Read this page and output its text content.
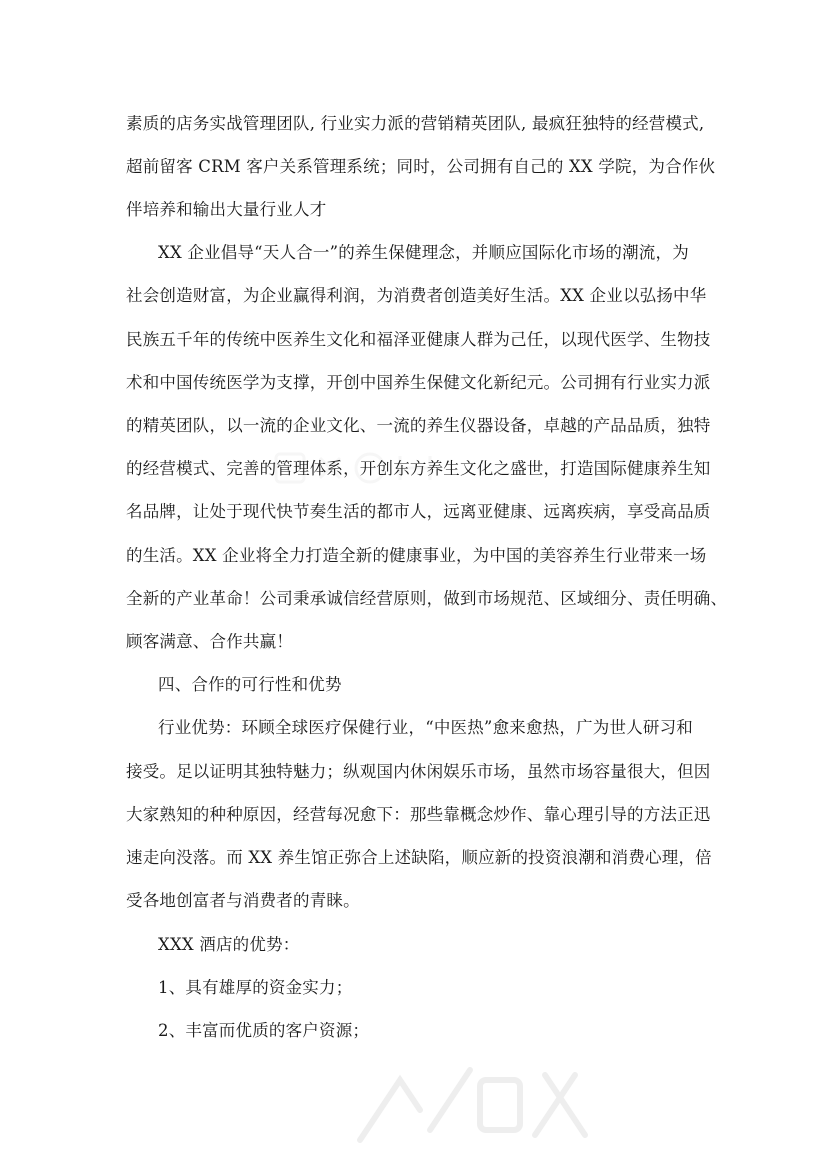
素质的店务实战管理团队, 行业实力派的营销精英团队, 最疯狂独特的经营模式,
超前留客 CRM 客户关系管理系统；同时，公司拥有自己的 XX 学院，为合作伙
伴培养和输出大量行业人才
XX 企业倡导“天人合一”的养生保健理念，并顺应国际化市场的潮流，为
社会创造财富，为企业赢得利润，为消费者创造美好生活。XX 企业以弘扬中华
民族五千年的传统中医养生文化和福泽亚健康人群为己任，以现代医学、生物技
术和中国传统医学为支撑，开创中国养生保健文化新纪元。公司拥有行业实力派
的精英团队，以一流的企业文化、一流的养生仪器设备，卓越的产品品质，独特
的经营模式、完善的管理体系，开创东方养生文化之盛世，打造国际健康养生知
名品牌，让处于现代快节奏生活的都市人，远离亚健康、远离疾病，享受高品质
的生活。XX 企业将全力打造全新的健康事业，为中国的美容养生行业带来一场
全新的产业革命！公司秉承诚信经营原则，做到市场规范、区域细分、责任明确、
顾客满意、合作共赢！
四、合作的可行性和优势
行业优势：环顾全球医疗保健行业，“中医热”愈来愈热，广为世人研习和
接受。足以证明其独特魅力；纵观国内休闲娱乐市场，虽然市场容量很大，但因
大家熟知的种种原因，经营每况愈下：那些靠概念炒作、靠心理引导的方法正迅
速走向没落。而 XX 养生馆正弥合上述缺陷，顺应新的投资浪潮和消费心理，倍
受各地创富者与消费者的青睐。
XXX 酒店的优势：
1、具有雄厚的资金实力；
2、丰富而优质的客户资源；
